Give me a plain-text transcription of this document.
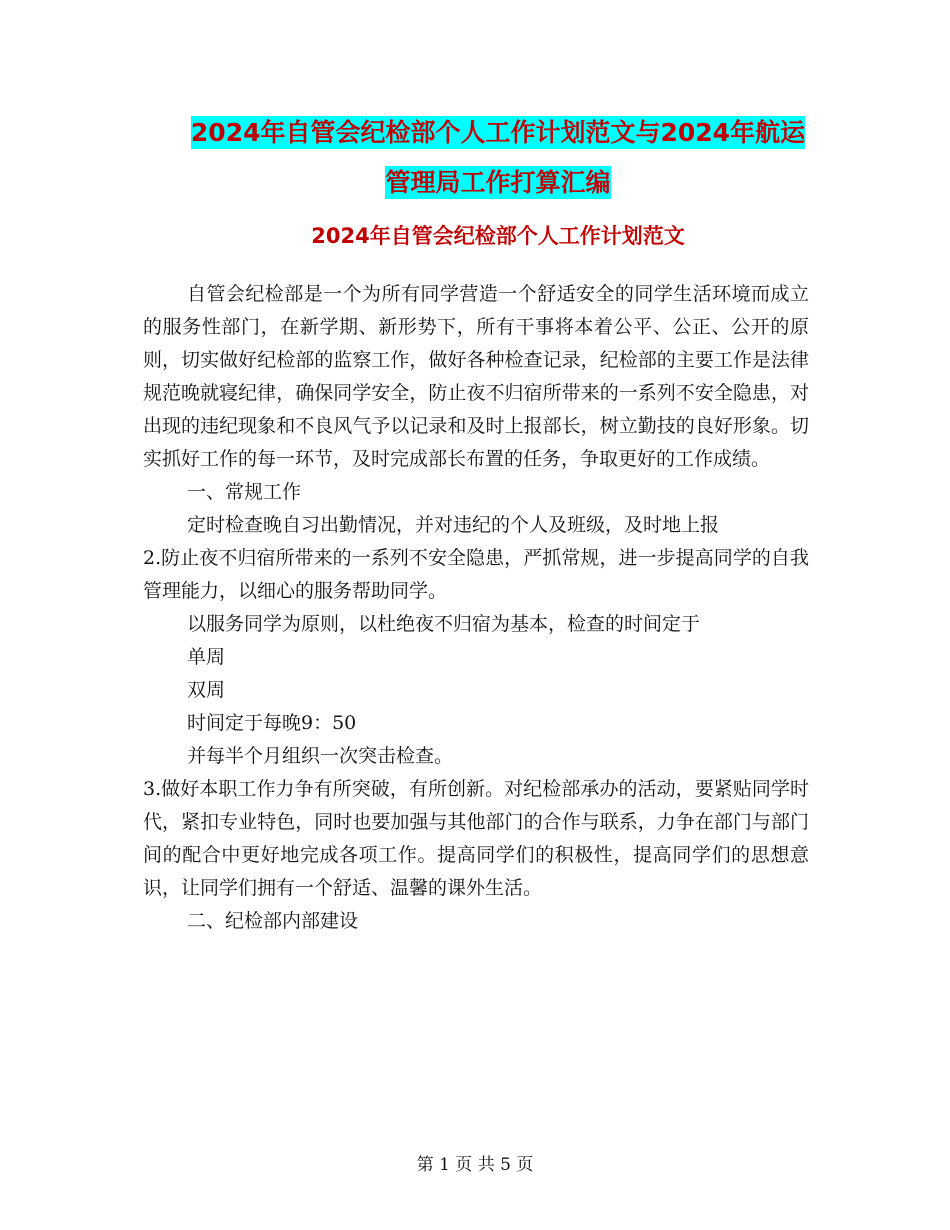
2024年自管会纪检部个人工作计划范文与2024年航运
管理局工作打算汇编
2024年自管会纪检部个人工作计划范文

自管会纪检部是一个为所有同学营造一个舒适安全的同学生活环境而成立的服务性部门，在新学期、新形势下，所有干事将本着公平、公正、公开的原则，切实做好纪检部的监察工作，做好各种检查记录，纪检部的主要工作是法律规范晚就寝纪律，确保同学安全，防止夜不归宿所带来的一系列不安全隐患，对出现的违纪现象和不良风气予以记录和及时上报部长，树立勤技的良好形象。切实抓好工作的每一环节，及时完成部长布置的任务，争取更好的工作成绩。

一、常规工作

定时检查晚自习出勤情况，并对违纪的个人及班级，及时地上报

2.防止夜不归宿所带来的一系列不安全隐患，严抓常规，进一步提高同学的自我管理能力，以细心的服务帮助同学。

以服务同学为原则，以杜绝夜不归宿为基本，检查的时间定于

单周

双周

时间定于每晚9：50

并每半个月组织一次突击检查。

3.做好本职工作力争有所突破，有所创新。对纪检部承办的活动，要紧贴同学时代，紧扣专业特色，同时也要加强与其他部门的合作与联系，力争在部门与部门间的配合中更好地完成各项工作。提高同学们的积极性，提高同学们的思想意识，让同学们拥有一个舒适、温馨的课外生活。

二、纪检部内部建设

第 1 页 共 5 页
